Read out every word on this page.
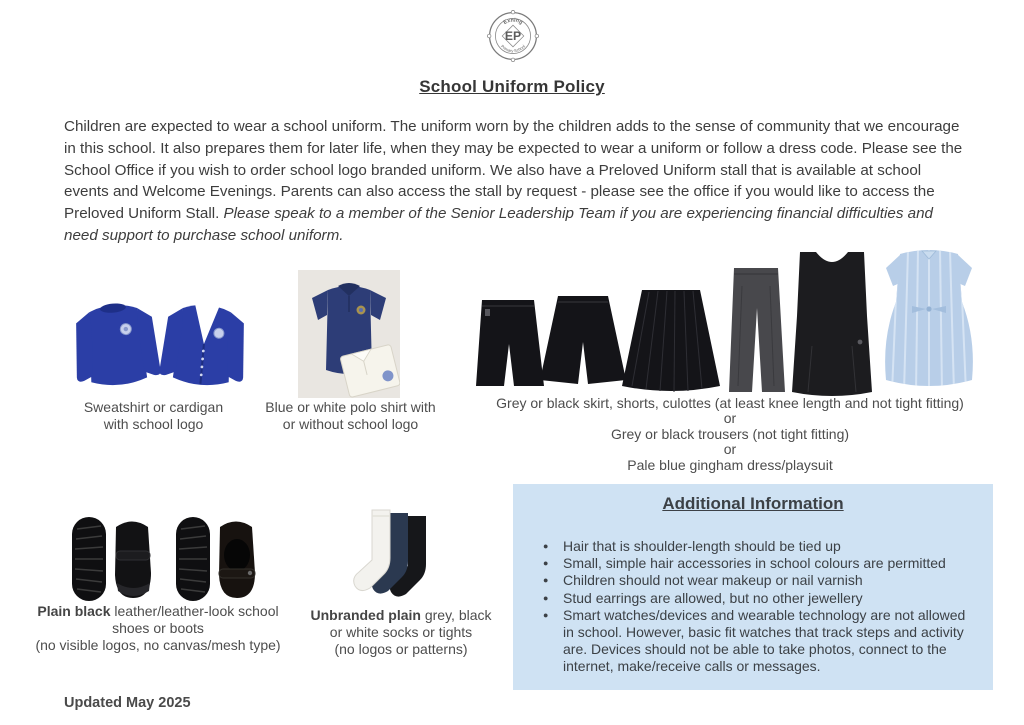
Exning
Primary School
EP
School Uniform Policy

Children are expected to wear a school uniform. The uniform worn by the children adds to the sense of community that we encourage in this school. It also prepares them for later life, when they may be expected to wear a uniform or follow a dress code. Please see the School Office if you wish to order school logo branded uniform. We also have a Preloved Uniform stall that is available at school events and Welcome Evenings. Parents can also access the stall by request - please see the office if you would like to access the Preloved Uniform Stall. Please speak to a member of the Senior Leadership Team if you are experiencing financial difficulties and need support to purchase school uniform.

Sweatshirt or cardigan
with school logo
Blue or white polo shirt with
or without school logo
Grey or black skirt, shorts, culottes (at least knee length and not tight fitting)
or
Grey or black trousers (not tight fitting)
or
Pale blue gingham dress/playsuit
Plain black leather/leather-look school
shoes or boots
(no visible logos, no canvas/mesh type)
Unbranded plain grey, black
or white socks or tights
(no logos or patterns)
Additional Information
●	Hair that is shoulder-length should be tied up
●	Small, simple hair accessories in school colours are permitted
●	Children should not wear makeup or nail varnish
●	Stud earrings are allowed, but no other jewellery
●	Smart watches/devices and wearable technology are not allowed in school. However, basic fit watches that track steps and activity are. Devices should not be able to take photos, connect to the internet, make/receive calls or messages.
Updated May 2025
